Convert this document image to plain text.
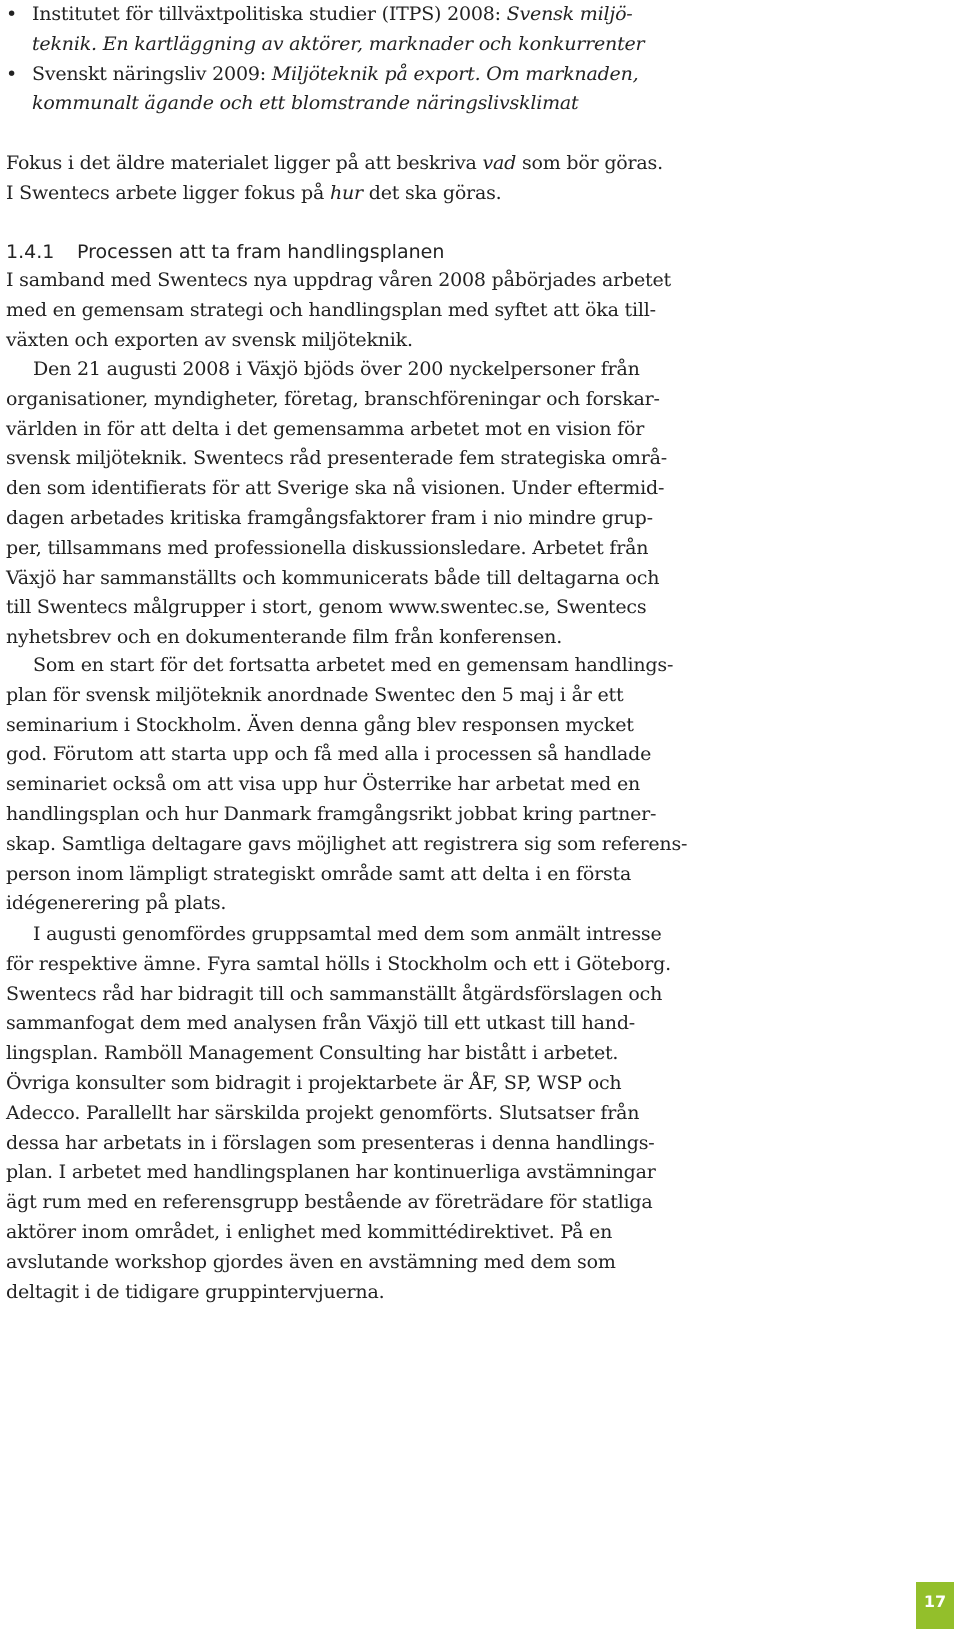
• Institutet för tillväxtpolitiska studier (ITPS) 2008: Svensk miljö-
teknik. En kartläggning av aktörer, marknader och konkurrenter
• Svenskt näringsliv 2009: Miljöteknik på export. Om marknaden,
kommunalt ägande och ett blomstrande näringslivsklimat
Fokus i det äldre materialet ligger på att beskriva vad som bör göras.
I Swentecs arbete ligger fokus på hur det ska göras.
1.4.1 Processen att ta fram handlingsplanen
I samband med Swentecs nya uppdrag våren 2008 påbörjades arbetet
med en gemensam strategi och handlingsplan med syftet att öka till-
växten och exporten av svensk miljöteknik.
Den 21 augusti 2008 i Växjö bjöds över 200 nyckelpersoner från
organisationer, myndigheter, företag, branschföreningar och forskar-
världen in för att delta i det gemensamma arbetet mot en vision för
svensk miljöteknik. Swentecs råd presenterade fem strategiska områ-
den som identifierats för att Sverige ska nå visionen. Under eftermid-
dagen arbetades kritiska framgångsfaktorer fram i nio mindre grup-
per, tillsammans med professionella diskussionsledare. Arbetet från
Växjö har sammanställts och kommunicerats både till deltagarna och
till Swentecs målgrupper i stort, genom www.swentec.se, Swentecs
nyhetsbrev och en dokumenterande film från konferensen.
Som en start för det fortsatta arbetet med en gemensam handlings-
plan för svensk miljöteknik anordnade Swentec den 5 maj i år ett
seminarium i Stockholm. Även denna gång blev responsen mycket
god. Förutom att starta upp och få med alla i processen så handlade
seminariet också om att visa upp hur Österrike har arbetat med en
handlingsplan och hur Danmark framgångsrikt jobbat kring partner-
skap. Samtliga deltagare gavs möjlighet att registrera sig som referens-
person inom lämpligt strategiskt område samt att delta i en första
idégenerering på plats.
I augusti genomfördes gruppsamtal med dem som anmält intresse
för respektive ämne. Fyra samtal hölls i Stockholm och ett i Göteborg.
Swentecs råd har bidragit till och sammanställt åtgärdsförslagen och
sammanfogat dem med analysen från Växjö till ett utkast till hand-
lingsplan. Ramböll Management Consulting har bistått i arbetet.
Övriga konsulter som bidragit i projektarbete är ÅF, SP, WSP och
Adecco. Parallellt har särskilda projekt genomförts. Slutsatser från
dessa har arbetats in i förslagen som presenteras i denna handlings-
plan. I arbetet med handlingsplanen har kontinuerliga avstämningar
ägt rum med en referensgrupp bestående av företrädare för statliga
aktörer inom området, i enlighet med kommittédirektivet. På en
avslutande workshop gjordes även en avstämning med dem som
deltagit i de tidigare gruppintervjuerna.
17
